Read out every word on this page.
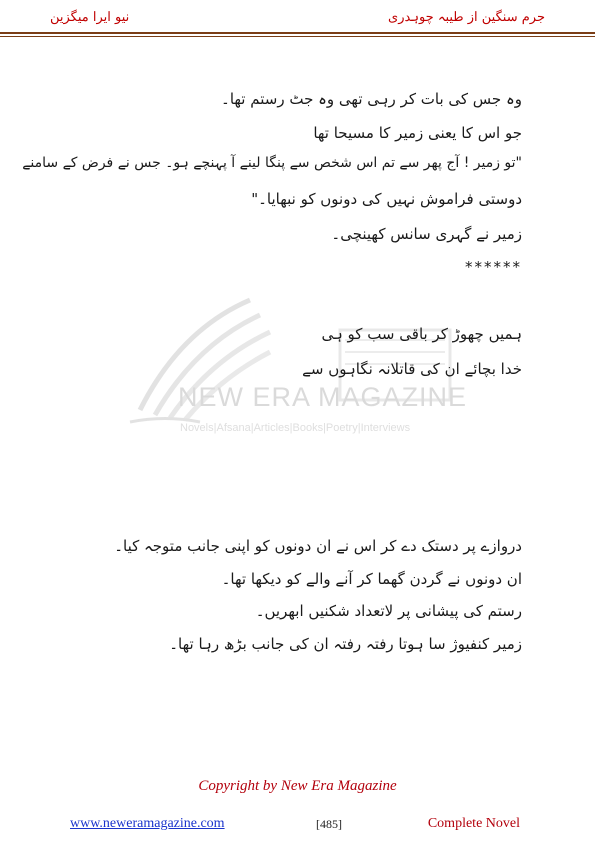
جرم سنگین از طیبہ چوہدری
نیو ایرا میگزین
NEW ERA MAGAZINE
Novels|Afsana|Articles|Books|Poetry|Interviews
وہ جس کی بات کر رہی تھی وہ جٹ رستم تھا۔
جو اس کا یعنی زمیر کا مسیحا تھا
"تو زمیر ! آج پھر سے تم اس شخص سے پنگا لینے آ پہنچے ہو۔ جس نے فرض کے سامنے
دوستی فراموش نہیں کی دونوں کو نبھایا۔"
زمیر نے گہری سانس کھینچی۔
******
ہمیں چھوڑ کر باقی سب کو ہی
خدا بچائے ان کی قاتلانہ نگاہوں سے
دروازے پر دستک دے کر اس نے ان دونوں کو اپنی جانب متوجہ کیا۔
ان دونوں نے گردن گھما کر آنے والے کو دیکھا تھا۔
رستم کی پیشانی پر لاتعداد شکنیں ابھریں۔
زمیر کنفیوژ سا ہوتا رفتہ رفتہ ان کی جانب بڑھ رہا تھا۔
Copyright by New Era Magazine
www.neweramagazine.com	[485]	Complete Novel
